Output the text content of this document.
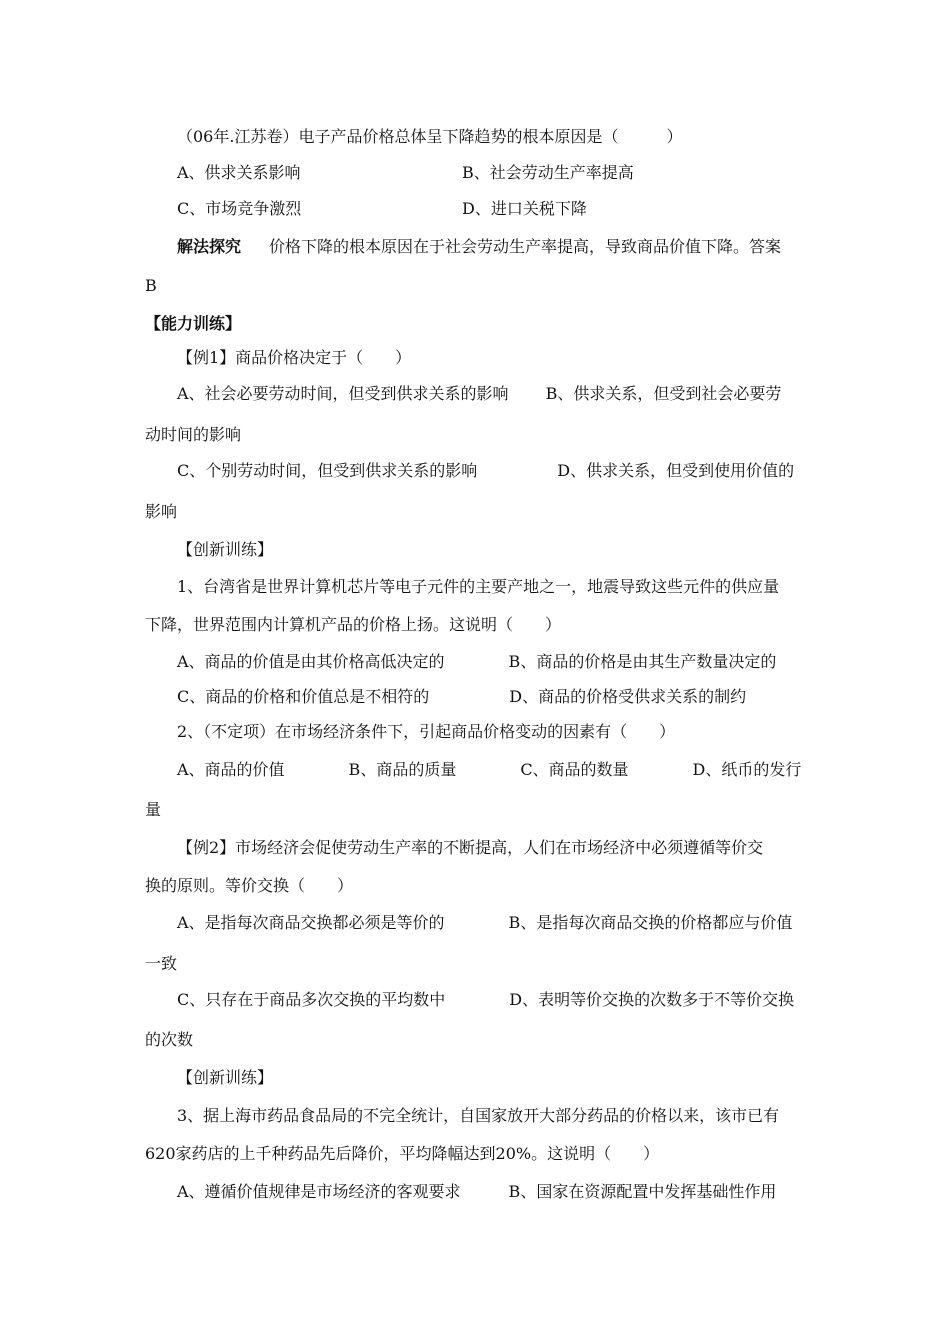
（06年.江苏卷）电子产品价格总体呈下降趋势的根本原因是（　　　）
A、供求关系影响	B、社会劳动生产率提高
C、市场竞争激烈	D、进口关税下降
解法探究 价格下降的根本原因在于社会劳动生产率提高，导致商品价值下降。答案
B
【能力训练】
【例1】商品价格决定于（　　）
A、社会必要劳动时间，但受到供求关系的影响　　 B、供求关系，但受到社会必要劳
动时间的影响
C、个别劳动时间，但受到供求关系的影响　　　　　D、供求关系，但受到使用价值的
影响
【创新训练】
1、台湾省是世界计算机芯片等电子元件的主要产地之一，地震导致这些元件的供应量
下降，世界范围内计算机产品的价格上扬。这说明（　　）
A、商品的价值是由其价格高低决定的　　　　B、商品的价格是由其生产数量决定的
C、商品的价格和价值总是不相符的　　　　　D、商品的价格受供求关系的制约
2、（不定项）在市场经济条件下，引起商品价格变动的因素有（　　）
A、商品的价值　　　　B、商品的质量　　　　C、商品的数量　　　　D、纸币的发行
量
【例2】市场经济会促使劳动生产率的不断提高，人们在市场经济中必须遵循等价交
换的原则。等价交换（　　）
A、是指每次商品交换都必须是等价的　　　　B、是指每次商品交换的价格都应与价值
一致
C、只存在于商品多次交换的平均数中　　　　D、表明等价交换的次数多于不等价交换
的次数
【创新训练】
3、据上海市药品食品局的不完全统计，自国家放开大部分药品的价格以来，该市已有
620家药店的上千种药品先后降价，平均降幅达到20%。这说明（　　）
A、遵循价值规律是市场经济的客观要求　　　B、国家在资源配置中发挥基础性作用
